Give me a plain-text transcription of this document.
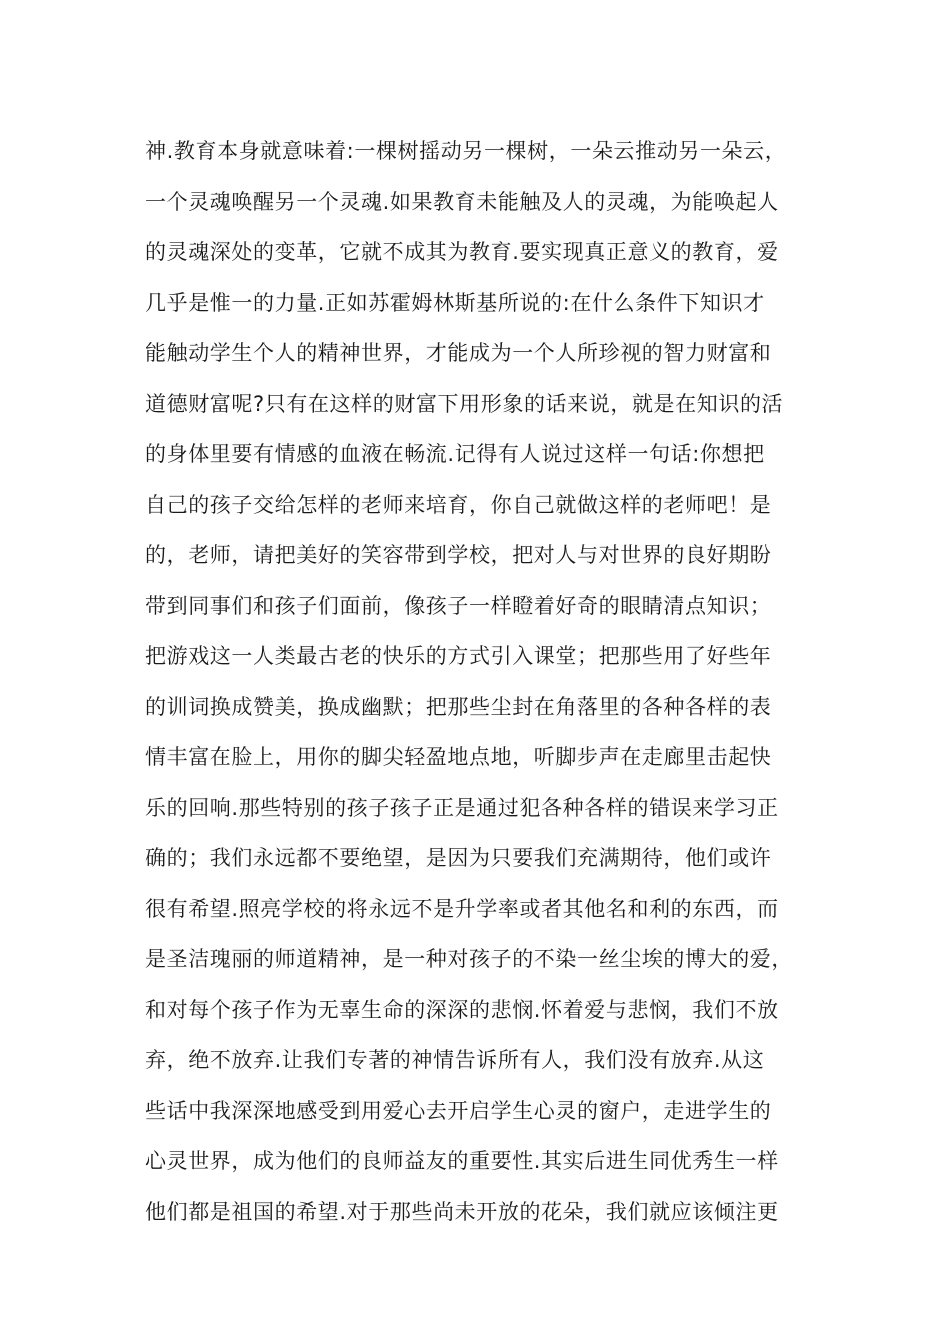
神.教育本身就意味着:一棵树摇动另一棵树，一朵云推动另一朵云，
一个灵魂唤醒另一个灵魂.如果教育未能触及人的灵魂，为能唤起人
的灵魂深处的变革，它就不成其为教育.要实现真正意义的教育，爱
几乎是惟一的力量.正如苏霍姆林斯基所说的:在什么条件下知识才
能触动学生个人的精神世界，才能成为一个人所珍视的智力财富和
道德财富呢?只有在这样的财富下用形象的话来说，就是在知识的活
的身体里要有情感的血液在畅流.记得有人说过这样一句话:你想把
自己的孩子交给怎样的老师来培育，你自己就做这样的老师吧！是
的，老师，请把美好的笑容带到学校，把对人与对世界的良好期盼
带到同事们和孩子们面前，像孩子一样瞪着好奇的眼睛清点知识；
把游戏这一人类最古老的快乐的方式引入课堂；把那些用了好些年
的训词换成赞美，换成幽默；把那些尘封在角落里的各种各样的表
情丰富在脸上，用你的脚尖轻盈地点地，听脚步声在走廊里击起快
乐的回响.那些特别的孩子孩子正是通过犯各种各样的错误来学习正
确的；我们永远都不要绝望，是因为只要我们充满期待，他们或许
很有希望.照亮学校的将永远不是升学率或者其他名和利的东西，而
是圣洁瑰丽的师道精神，是一种对孩子的不染一丝尘埃的博大的爱，
和对每个孩子作为无辜生命的深深的悲悯.怀着爱与悲悯，我们不放
弃，绝不放弃.让我们专著的神情告诉所有人，我们没有放弃.从这
些话中我深深地感受到用爱心去开启学生心灵的窗户，走进学生的
心灵世界，成为他们的良师益友的重要性.其实后进生同优秀生一样
他们都是祖国的希望.对于那些尚未开放的花朵，我们就应该倾注更
